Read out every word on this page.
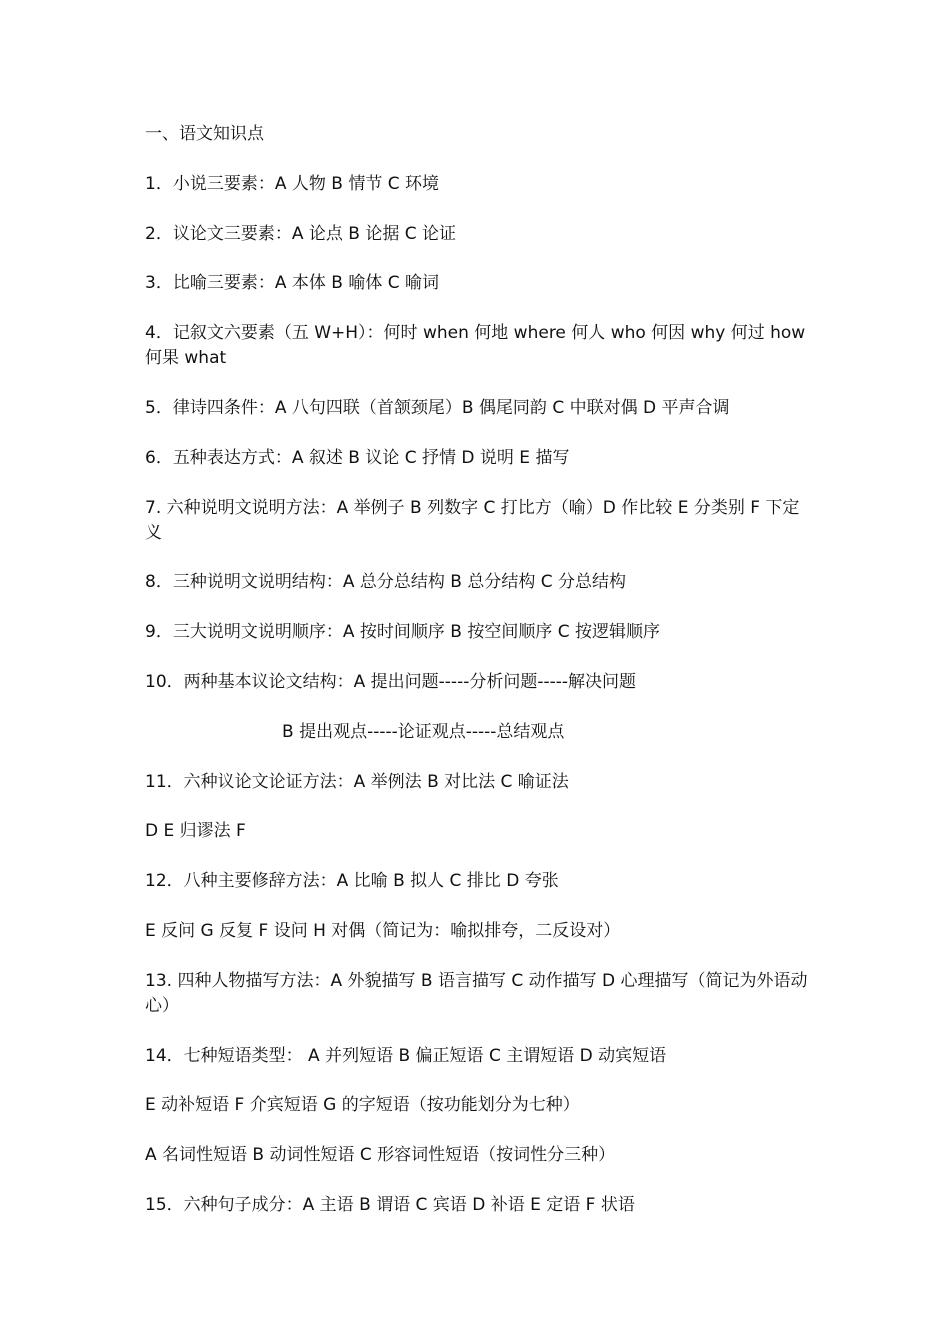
一、语文知识点
1．小说三要素：A 人物 B 情节 C 环境
2．议论文三要素：A 论点 B 论据 C 论证
3．比喻三要素：A 本体 B 喻体 C 喻词
4．记叙文六要素（五 W+H）：何时 when 何地 where 何人 who 何因 why 何过 how 何果 what
5．律诗四条件：A 八句四联（首颔颈尾）B 偶尾同韵 C 中联对偶 D 平声合调
6．五种表达方式：A 叙述 B 议论 C 抒情 D 说明 E 描写
7. 六种说明文说明方法：A 举例子 B 列数字 C 打比方（喻）D 作比较 E 分类别 F 下定义
8．三种说明文说明结构：A 总分总结构 B 总分结构 C 分总结构
9．三大说明文说明顺序：A 按时间顺序 B 按空间顺序 C 按逻辑顺序
10．两种基本议论文结构：A 提出问题-----分析问题-----解决问题
B 提出观点-----论证观点-----总结观点
11．六种议论文论证方法：A 举例法 B 对比法 C 喻证法
D E 归谬法 F
12．八种主要修辞方法：A 比喻 B 拟人 C 排比 D 夸张
E 反问 G 反复 F 设问 H 对偶（简记为：喻拟排夸，二反设对）
13. 四种人物描写方法：A 外貌描写 B 语言描写 C 动作描写 D 心理描写（简记为外语动心）
14．七种短语类型： A 并列短语 B 偏正短语 C 主谓短语 D 动宾短语
E 动补短语 F 介宾短语 G 的字短语（按功能划分为七种）
A 名词性短语 B 动词性短语 C 形容词性短语（按词性分三种）
15．六种句子成分：A 主语 B 谓语 C 宾语 D 补语 E 定语 F 状语
